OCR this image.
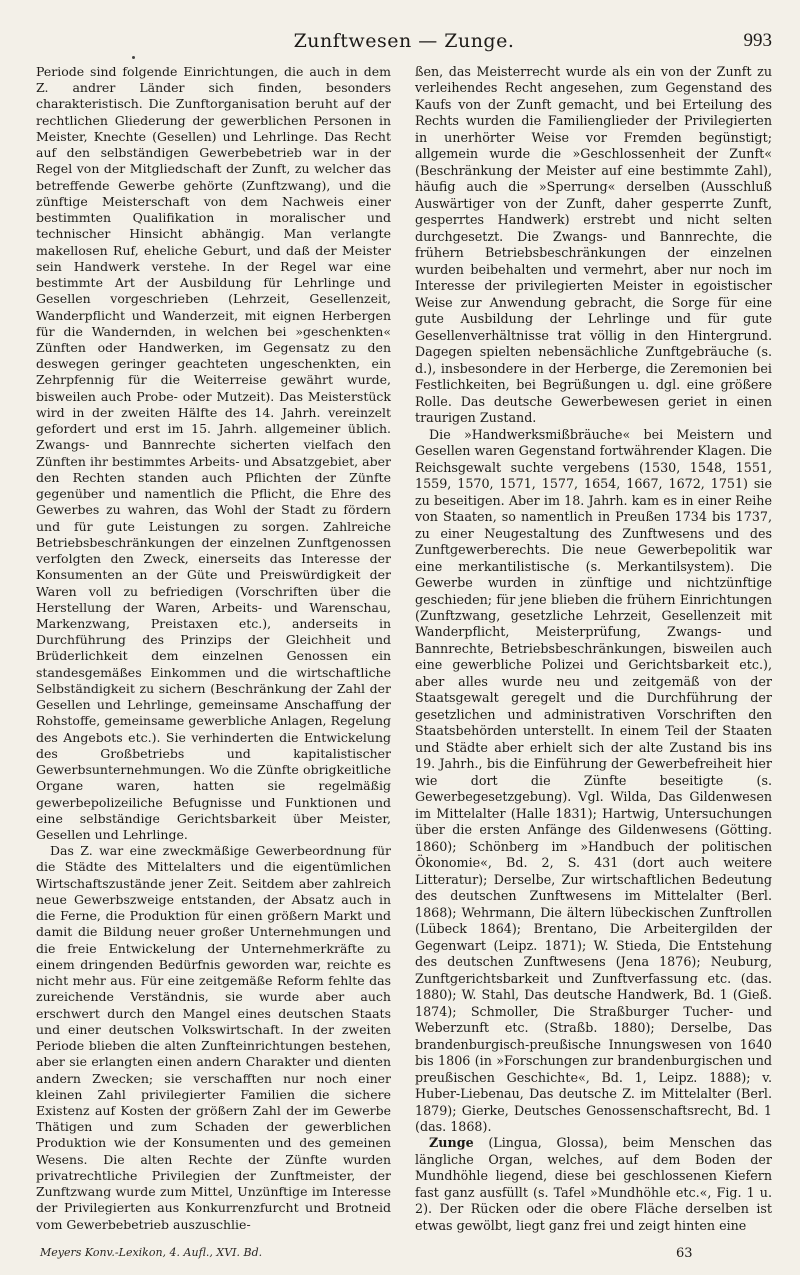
Zunftwesen — Zunge.	993

Periode sind folgende Einrichtungen, die auch in dem Z. andrer Länder sich finden, besonders charakteristisch. Die Zunftorganisation beruht auf der rechtlichen Gliederung der gewerblichen Personen in Meister, Knechte (Gesellen) und Lehrlinge. Das Recht auf den selbständigen Gewerbebetrieb war in der Regel von der Mitgliedschaft der Zunft, zu welcher das betreffende Gewerbe gehörte (Zunftzwang), und die zünftige Meisterschaft von dem Nachweis einer bestimmten Qualifikation in moralischer und technischer Hinsicht abhängig. Man verlangte makellosen Ruf, eheliche Geburt, und daß der Meister sein Handwerk verstehe. In der Regel war eine bestimmte Art der Ausbildung für Lehrlinge und Gesellen vorgeschrieben (Lehrzeit, Gesellenzeit, Wanderpflicht und Wanderzeit, mit eignen Herbergen für die Wandernden, in welchen bei »geschenkten« Zünften oder Handwerken, im Gegensatz zu den deswegen geringer geachteten ungeschenkten, ein Zehrpfennig für die Weiterreise gewährt wurde, bisweilen auch Probe- oder Mutzeit). Das Meisterstück wird in der zweiten Hälfte des 14. Jahrh. vereinzelt gefordert und erst im 15. Jahrh. allgemeiner üblich. Zwangs- und Bannrechte sicherten vielfach den Zünften ihr bestimmtes Arbeits- und Absatzgebiet, aber den Rechten standen auch Pflichten der Zünfte gegenüber und namentlich die Pflicht, die Ehre des Gewerbes zu wahren, das Wohl der Stadt zu fördern und für gute Leistungen zu sorgen. Zahlreiche Betriebsbeschränkungen der einzelnen Zunftgenossen verfolgten den Zweck, einerseits das Interesse der Konsumenten an der Güte und Preiswürdigkeit der Waren voll zu befriedigen (Vorschriften über die Herstellung der Waren, Arbeits- und Warenschau, Markenzwang, Preistaxen etc.), anderseits in Durchführung des Prinzips der Gleichheit und Brüderlichkeit dem einzelnen Genossen ein standesgemäßes Einkommen und die wirtschaftliche Selbständigkeit zu sichern (Beschränkung der Zahl der Gesellen und Lehrlinge, gemeinsame Anschaffung der Rohstoffe, gemeinsame gewerbliche Anlagen, Regelung des Angebots etc.). Sie verhinderten die Entwickelung des Großbetriebs und kapitalistischer Gewerbsunternehmungen. Wo die Zünfte obrigkeitliche Organe waren, hatten sie regelmäßig gewerbepolizeiliche Befugnisse und Funktionen und eine selbständige Gerichtsbarkeit über Meister, Gesellen und Lehrlinge.

Das Z. war eine zweckmäßige Gewerbeordnung für die Städte des Mittelalters und die eigentümlichen Wirtschaftszustände jener Zeit. Seitdem aber zahlreich neue Gewerbszweige entstanden, der Absatz auch in die Ferne, die Produktion für einen größern Markt und damit die Bildung neuer großer Unternehmungen und die freie Entwickelung der Unternehmerkräfte zu einem dringenden Bedürfnis geworden war, reichte es nicht mehr aus. Für eine zeitgemäße Reform fehlte das zureichende Verständnis, sie wurde aber auch erschwert durch den Mangel eines deutschen Staats und einer deutschen Volkswirtschaft. In der zweiten Periode blieben die alten Zunfteinrichtungen bestehen, aber sie erlangten einen andern Charakter und dienten andern Zwecken; sie verschafften nur noch einer kleinen Zahl privilegierter Familien die sichere Existenz auf Kosten der größern Zahl der im Gewerbe Thätigen und zum Schaden der gewerblichen Produktion wie der Konsumenten und des gemeinen Wesens. Die alten Rechte der Zünfte wurden privatrechtliche Privilegien der Zunftmeister, der Zunftzwang wurde zum Mittel, Unzünftige im Interesse der Privilegierten aus Konkurrenzfurcht und Brotneid vom Gewerbebetrieb auszuschlie-

ßen, das Meisterrecht wurde als ein von der Zunft zu verleihendes Recht angesehen, zum Gegenstand des Kaufs von der Zunft gemacht, und bei Erteilung des Rechts wurden die Familienglieder der Privilegierten in unerhörter Weise vor Fremden begünstigt; allgemein wurde die »Geschlossenheit der Zunft« (Beschränkung der Meister auf eine bestimmte Zahl), häufig auch die »Sperrung« derselben (Ausschluß Auswärtiger von der Zunft, daher gesperrte Zunft, gesperrtes Handwerk) erstrebt und nicht selten durchgesetzt. Die Zwangs- und Bannrechte, die frühern Betriebsbeschränkungen der einzelnen wurden beibehalten und vermehrt, aber nur noch im Interesse der privilegierten Meister in egoistischer Weise zur Anwendung gebracht, die Sorge für eine gute Ausbildung der Lehrlinge und für gute Gesellenverhältnisse trat völlig in den Hintergrund. Dagegen spielten nebensächliche Zunftgebräuche (s. d.), insbesondere in der Herberge, die Zeremonien bei Festlichkeiten, bei Begrüßungen u. dgl. eine größere Rolle. Das deutsche Gewerbewesen geriet in einen traurigen Zustand.

Die »Handwerksmißbräuche« bei Meistern und Gesellen waren Gegenstand fortwährender Klagen. Die Reichsgewalt suchte vergebens (1530, 1548, 1551, 1559, 1570, 1571, 1577, 1654, 1667, 1672, 1751) sie zu beseitigen. Aber im 18. Jahrh. kam es in einer Reihe von Staaten, so namentlich in Preußen 1734 bis 1737, zu einer Neugestaltung des Zunftwesens und des Zunftgewerberechts. Die neue Gewerbepolitik war eine merkantilistische (s. Merkantilsystem). Die Gewerbe wurden in zünftige und nichtzünftige geschieden; für jene blieben die frühern Einrichtungen (Zunftzwang, gesetzliche Lehrzeit, Gesellenzeit mit Wanderpflicht, Meisterprüfung, Zwangs- und Bannrechte, Betriebsbeschränkungen, bisweilen auch eine gewerbliche Polizei und Gerichtsbarkeit etc.), aber alles wurde neu und zeitgemäß von der Staatsgewalt geregelt und die Durchführung der gesetzlichen und administrativen Vorschriften den Staatsbehörden unterstellt. In einem Teil der Staaten und Städte aber erhielt sich der alte Zustand bis ins 19. Jahrh., bis die Einführung der Gewerbefreiheit hier wie dort die Zünfte beseitigte (s. Gewerbegesetzgebung). Vgl. Wilda, Das Gildenwesen im Mittelalter (Halle 1831); Hartwig, Untersuchungen über die ersten Anfänge des Gildenwesens (Götting. 1860); Schönberg im »Handbuch der politischen Ökonomie«, Bd. 2, S. 431 (dort auch weitere Litteratur); Derselbe, Zur wirtschaftlichen Bedeutung des deutschen Zunftwesens im Mittelalter (Berl. 1868); Wehrmann, Die ältern lübeckischen Zunftrollen (Lübeck 1864); Brentano, Die Arbeitergilden der Gegenwart (Leipz. 1871); W. Stieda, Die Entstehung des deutschen Zunftwesens (Jena 1876); Neuburg, Zunftgerichtsbarkeit und Zunftverfassung etc. (das. 1880); W. Stahl, Das deutsche Handwerk, Bd. 1 (Gieß. 1874); Schmoller, Die Straßburger Tucher- und Weberzunft etc. (Straßb. 1880); Derselbe, Das brandenburgisch-preußische Innungswesen von 1640 bis 1806 (in »Forschungen zur brandenburgischen und preußischen Geschichte«, Bd. 1, Leipz. 1888); v. Huber-Liebenau, Das deutsche Z. im Mittelalter (Berl. 1879); Gierke, Deutsches Genossenschaftsrecht, Bd. 1 (das. 1868).

Zunge (Lingua, Glossa), beim Menschen das längliche Organ, welches, auf dem Boden der Mundhöhle liegend, diese bei geschlossenen Kiefern fast ganz ausfüllt (s. Tafel »Mundhöhle etc.«, Fig. 1 u. 2). Der Rücken oder die obere Fläche derselben ist etwas gewölbt, liegt ganz frei und zeigt hinten eine

Meyers Konv.-Lexikon, 4. Aufl., XVI. Bd.	63
